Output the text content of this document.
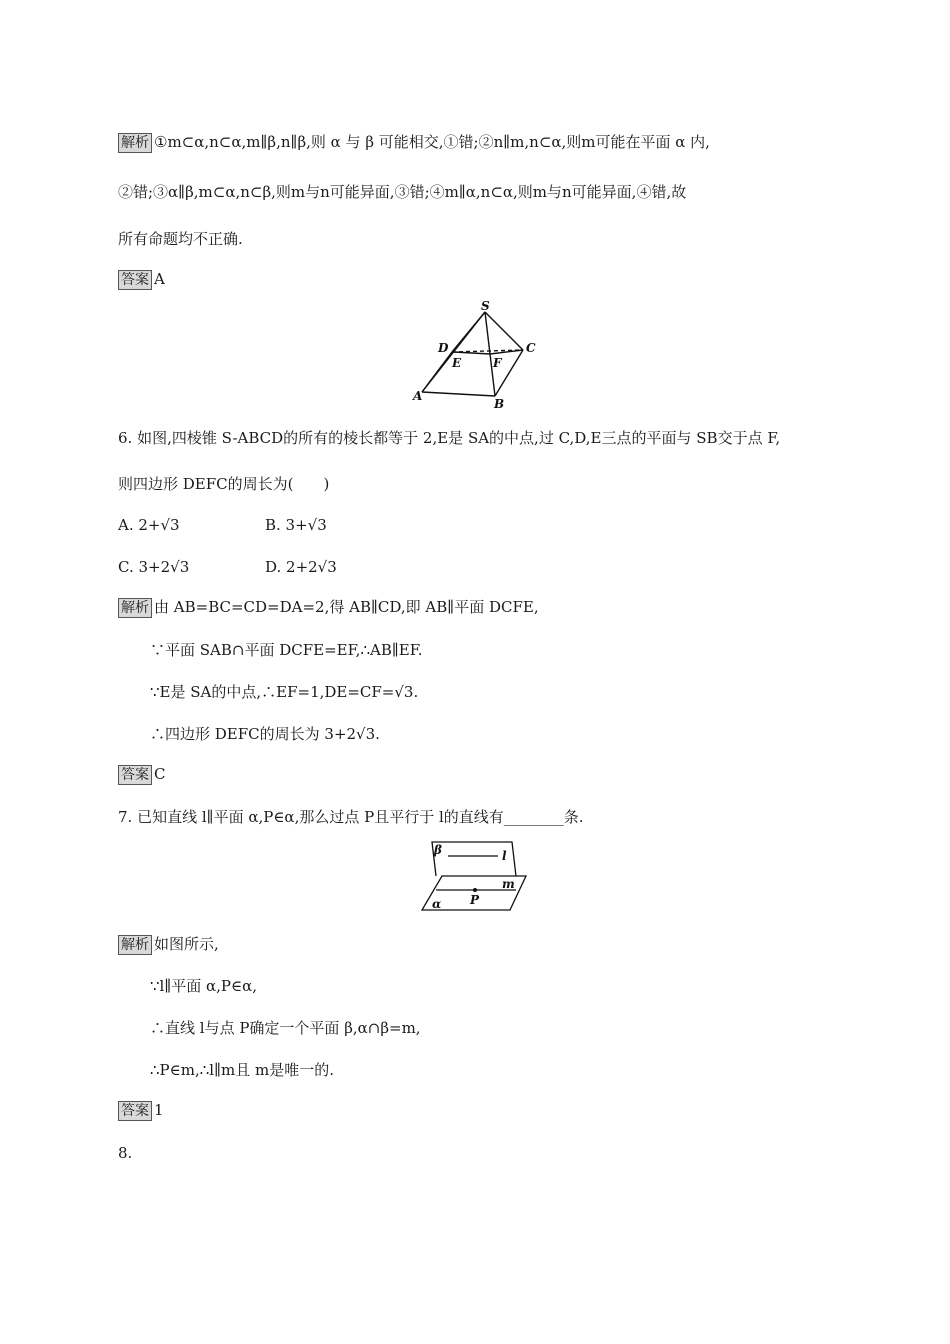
解析 ①m⊂α,n⊂α,m∥β,n∥β,则 α 与 β 可能相交,①错;②n∥m,n⊂α,则m可能在平面 α 内,
②错;③α∥β,m⊂α,n⊂β,则m与n可能异面,③错;④m∥α,n⊂α,则m与n可能异面,④错,故
所有命题均不正确.
答案 A
S
D	C
E	F
A
B
6. 如图,四棱锥 S-ABCD的所有的棱长都等于 2,E是 SA的中点,过 C,D,E三点的平面与 SB交于点 F,
则四边形 DEFC的周长为(　　)
A. 2+√3	B. 3+√3
C. 3+2√3	D. 2+2√3
解析 由 AB=BC=CD=DA=2,得 AB∥CD,即 AB∥平面 DCFE,
∵平面 SAB∩平面 DCFE=EF,∴AB∥EF.
∵E是 SA的中点,∴EF=1,DE=CF=√3.
∴四边形 DEFC的周长为 3+2√3.
答案 C
7. 已知直线 l∥平面 α,P∈α,那么过点 P且平行于 l的直线有________条.
β	l
m
α P
解析 如图所示,
∵l∥平面 α,P∈α,
∴直线 l与点 P确定一个平面 β,α∩β=m,
∴P∈m,∴l∥m且 m是唯一的.
答案 1
8.
